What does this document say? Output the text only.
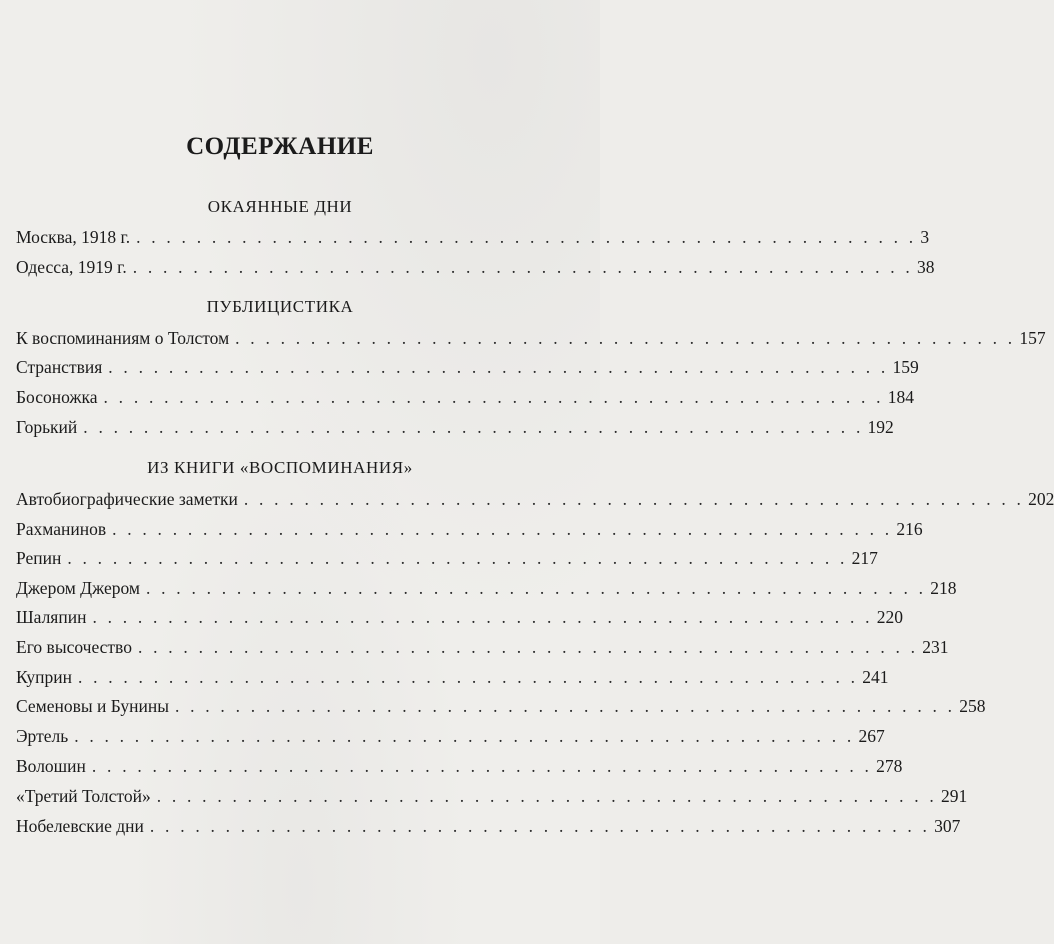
СОДЕРЖАНИЕ
ОКАЯННЫЕ ДНИ
Москва, 1918 г. . . . . . . . . . . . . . . . . . . . . . . . . . . . . . . . . . . . . . . . . . . . . . . . . . . . . 3
Одесса, 1919 г. . . . . . . . . . . . . . . . . . . . . . . . . . . . . . . . . . . . . . . . . . . . . . . . . . . . . 38
ПУБЛИЦИСТИКА
К воспоминаниям о Толстом . . . . . . . . . . . . . . . . . . . . . . . . . . . . . . . . . . . . . . . . . . . . . . . . . . . . 157
Странствия . . . . . . . . . . . . . . . . . . . . . . . . . . . . . . . . . . . . . . . . . . . . . . . . . . . . 159
Босоножка . . . . . . . . . . . . . . . . . . . . . . . . . . . . . . . . . . . . . . . . . . . . . . . . . . . . 184
Горький . . . . . . . . . . . . . . . . . . . . . . . . . . . . . . . . . . . . . . . . . . . . . . . . . . . . 192
ИЗ КНИГИ «ВОСПОМИНАНИЯ»
Автобиографические заметки . . . . . . . . . . . . . . . . . . . . . . . . . . . . . . . . . . . . . . . . . . . . . . . . . . . . 202
Рахманинов . . . . . . . . . . . . . . . . . . . . . . . . . . . . . . . . . . . . . . . . . . . . . . . . . . . . 216
Репин . . . . . . . . . . . . . . . . . . . . . . . . . . . . . . . . . . . . . . . . . . . . . . . . . . . . 217
Джером Джером . . . . . . . . . . . . . . . . . . . . . . . . . . . . . . . . . . . . . . . . . . . . . . . . . . . . 218
Шаляпин . . . . . . . . . . . . . . . . . . . . . . . . . . . . . . . . . . . . . . . . . . . . . . . . . . . . 220
Его высочество . . . . . . . . . . . . . . . . . . . . . . . . . . . . . . . . . . . . . . . . . . . . . . . . . . . . 231
Куприн . . . . . . . . . . . . . . . . . . . . . . . . . . . . . . . . . . . . . . . . . . . . . . . . . . . . 241
Семеновы и Бунины . . . . . . . . . . . . . . . . . . . . . . . . . . . . . . . . . . . . . . . . . . . . . . . . . . . . 258
Эртель . . . . . . . . . . . . . . . . . . . . . . . . . . . . . . . . . . . . . . . . . . . . . . . . . . . . 267
Волошин . . . . . . . . . . . . . . . . . . . . . . . . . . . . . . . . . . . . . . . . . . . . . . . . . . . . 278
«Третий Толстой» . . . . . . . . . . . . . . . . . . . . . . . . . . . . . . . . . . . . . . . . . . . . . . . . . . . . 291
Нобелевские дни . . . . . . . . . . . . . . . . . . . . . . . . . . . . . . . . . . . . . . . . . . . . . . . . . . . . 307
